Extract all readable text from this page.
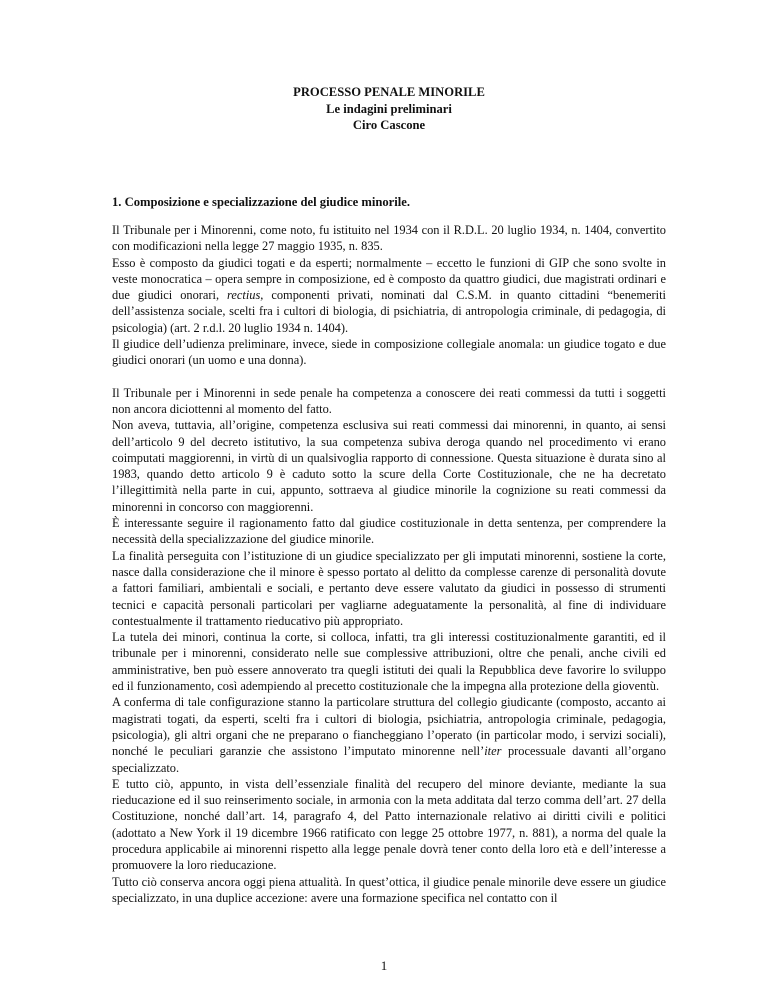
PROCESSO PENALE MINORILE
Le indagini preliminari
Ciro Cascone
1. Composizione e specializzazione del giudice minorile.

Il Tribunale per i Minorenni, come noto, fu istituito nel 1934 con il R.D.L. 20 luglio 1934, n. 1404, convertito con modificazioni nella legge 27 maggio 1935, n. 835.

Esso è composto da giudici togati e da esperti; normalmente – eccetto le funzioni di GIP che sono svolte in veste monocratica – opera sempre in composizione, ed è composto da quattro giudici, due magistrati ordinari e due giudici onorari, rectius, componenti privati, nominati dal C.S.M. in quanto cittadini “benemeriti dell’assistenza sociale, scelti fra i cultori di biologia, di psichiatria, di antropologia criminale, di pedagogia, di psicologia) (art. 2 r.d.l. 20 luglio 1934 n. 1404).

Il giudice dell’udienza preliminare, invece, siede in composizione collegiale anomala: un giudice togato e due giudici onorari (un uomo e una donna).

Il Tribunale per i Minorenni in sede penale ha competenza a conoscere dei reati commessi da tutti i soggetti non ancora diciottenni al momento del fatto.

Non aveva, tuttavia, all’origine, competenza esclusiva sui reati commessi dai minorenni, in quanto, ai sensi dell’articolo 9 del decreto istitutivo, la sua competenza subiva deroga quando nel procedimento vi erano coimputati maggiorenni, in virtù di un qualsivoglia rapporto di connessione. Questa situazione è durata sino al 1983, quando detto articolo 9 è caduto sotto la scure della Corte Costituzionale, che ne ha decretato l’illegittimità nella parte in cui, appunto, sottraeva al giudice minorile la cognizione su reati commessi da minorenni in concorso con maggiorenni.

È interessante seguire il ragionamento fatto dal giudice costituzionale in detta sentenza, per comprendere la necessità della specializzazione del giudice minorile.

La finalità perseguita con l’istituzione di un giudice specializzato per gli imputati minorenni, sostiene la corte, nasce dalla considerazione che il minore è spesso portato al delitto da complesse carenze di personalità dovute a fattori familiari, ambientali e sociali, e pertanto deve essere valutato da giudici in possesso di strumenti tecnici e capacità personali particolari per vagliarne adeguatamente la personalità, al fine di individuare contestualmente il trattamento rieducativo più appropriato.

La tutela dei minori, continua la corte, si colloca, infatti, tra gli interessi costituzionalmente garantiti, ed il tribunale per i minorenni, considerato nelle sue complessive attribuzioni, oltre che penali, anche civili ed amministrative, ben può essere annoverato tra quegli istituti dei quali la Repubblica deve favorire lo sviluppo ed il funzionamento, così adempiendo al precetto costituzionale che la impegna alla protezione della gioventù.

A conferma di tale configurazione stanno la particolare struttura del collegio giudicante (composto, accanto ai magistrati togati, da esperti, scelti fra i cultori di biologia, psichiatria, antropologia criminale, pedagogia, psicologia), gli altri organi che ne preparano o fiancheggiano l’operato (in particolar modo, i servizi sociali), nonché le peculiari garanzie che assistono l’imputato minorenne nell’iter processuale davanti all’organo specializzato.

E tutto ciò, appunto, in vista dell’essenziale finalità del recupero del minore deviante, mediante la sua rieducazione ed il suo reinserimento sociale, in armonia con la meta additata dal terzo comma dell’art. 27 della Costituzione, nonché dall’art. 14, paragrafo 4, del Patto internazionale relativo ai diritti civili e politici (adottato a New York il 19 dicembre 1966 ratificato con legge 25 ottobre 1977, n. 881), a norma del quale la procedura applicabile ai minorenni rispetto alla legge penale dovrà tener conto della loro età e dell’interesse a promuovere la loro rieducazione.

Tutto ciò conserva ancora oggi piena attualità. In quest’ottica, il giudice penale minorile deve essere un giudice specializzato, in una duplice accezione: avere una formazione specifica nel contatto con il

1
